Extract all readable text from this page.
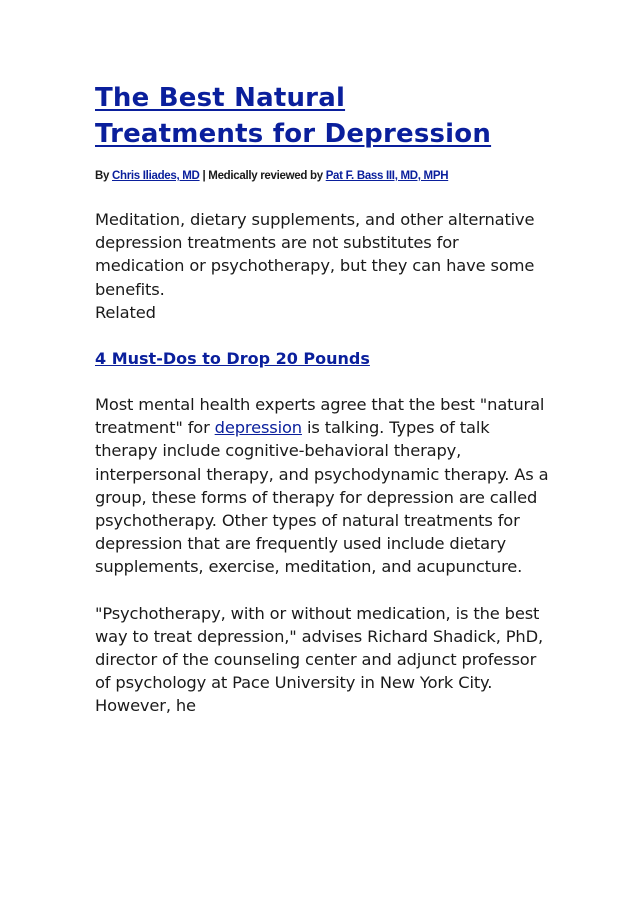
The Best Natural
Treatments for Depression

By Chris Iliades, MD | Medically reviewed by Pat F. Bass III, MD, MPH

Meditation, dietary supplements, and other alternative depression treatments are not substitutes for medication or psychotherapy, but they can have some benefits.

Related

4 Must-Dos to Drop 20 Pounds

Most mental health experts agree that the best "natural treatment" for depression is talking. Types of talk therapy include cognitive-behavioral therapy, interpersonal therapy, and psychodynamic therapy. As a group, these forms of therapy for depression are called psychotherapy. Other types of natural treatments for depression that are frequently used include dietary supplements, exercise, meditation, and acupuncture.

"Psychotherapy, with or without medication, is the best way to treat depression," advises Richard Shadick, PhD, director of the counseling center and adjunct professor of psychology at Pace University in New York City. However, he
